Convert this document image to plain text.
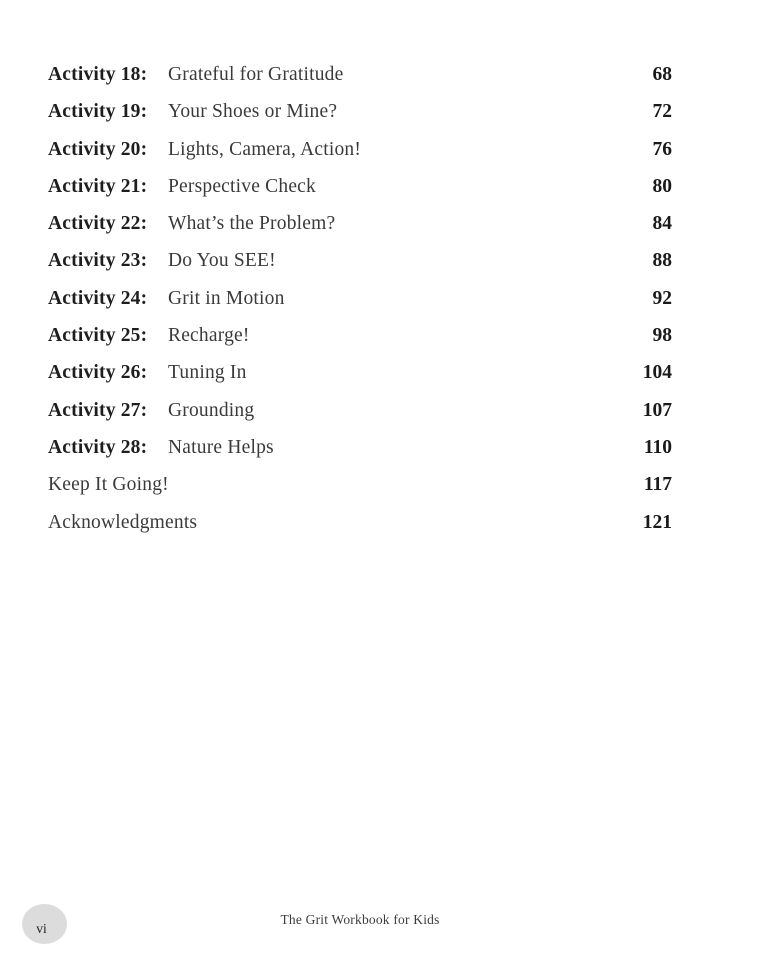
Activity 18: Grateful for Gratitude	68
Activity 19: Your Shoes or Mine?	72
Activity 20: Lights, Camera, Action!	76
Activity 21: Perspective Check	80
Activity 22: What’s the Problem?	84
Activity 23: Do You SEE!	88
Activity 24: Grit in Motion	92
Activity 25: Recharge!	98
Activity 26: Tuning In	104
Activity 27: Grounding	107
Activity 28: Nature Helps	110
Keep It Going!	117
Acknowledgments	121
vi
The Grit Workbook for Kids
